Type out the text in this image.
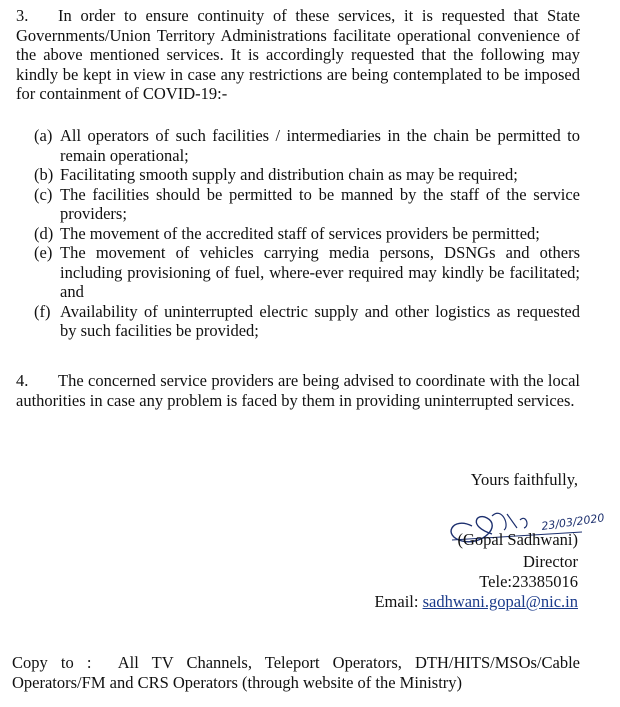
3. In order to ensure continuity of these services, it is requested that State Governments/Union Territory Administrations facilitate operational convenience of the above mentioned services. It is accordingly requested that the following may kindly be kept in view in case any restrictions are being contemplated to be imposed for containment of COVID-19:-

(a) All operators of such facilities / intermediaries in the chain be permitted to remain operational;
(b) Facilitating smooth supply and distribution chain as may be required;
(c) The facilities should be permitted to be manned by the staff of the service providers;
(d) The movement of the accredited staff of services providers be permitted;
(e) The movement of vehicles carrying media persons, DSNGs and others including provisioning of fuel, where-ever required may kindly be facilitated; and
(f) Availability of uninterrupted electric supply and other logistics as requested by such facilities be provided;

4. The concerned service providers are being advised to coordinate with the local authorities in case any problem is faced by them in providing uninterrupted services.

Yours faithfully,
23/03/2020
(Gopal Sadhwani)
Director
Tele:23385016
Email: sadhwani.gopal@nic.in

Copy to : All TV Channels, Teleport Operators, DTH/HITS/MSOs/Cable Operators/FM and CRS Operators (through website of the Ministry)
